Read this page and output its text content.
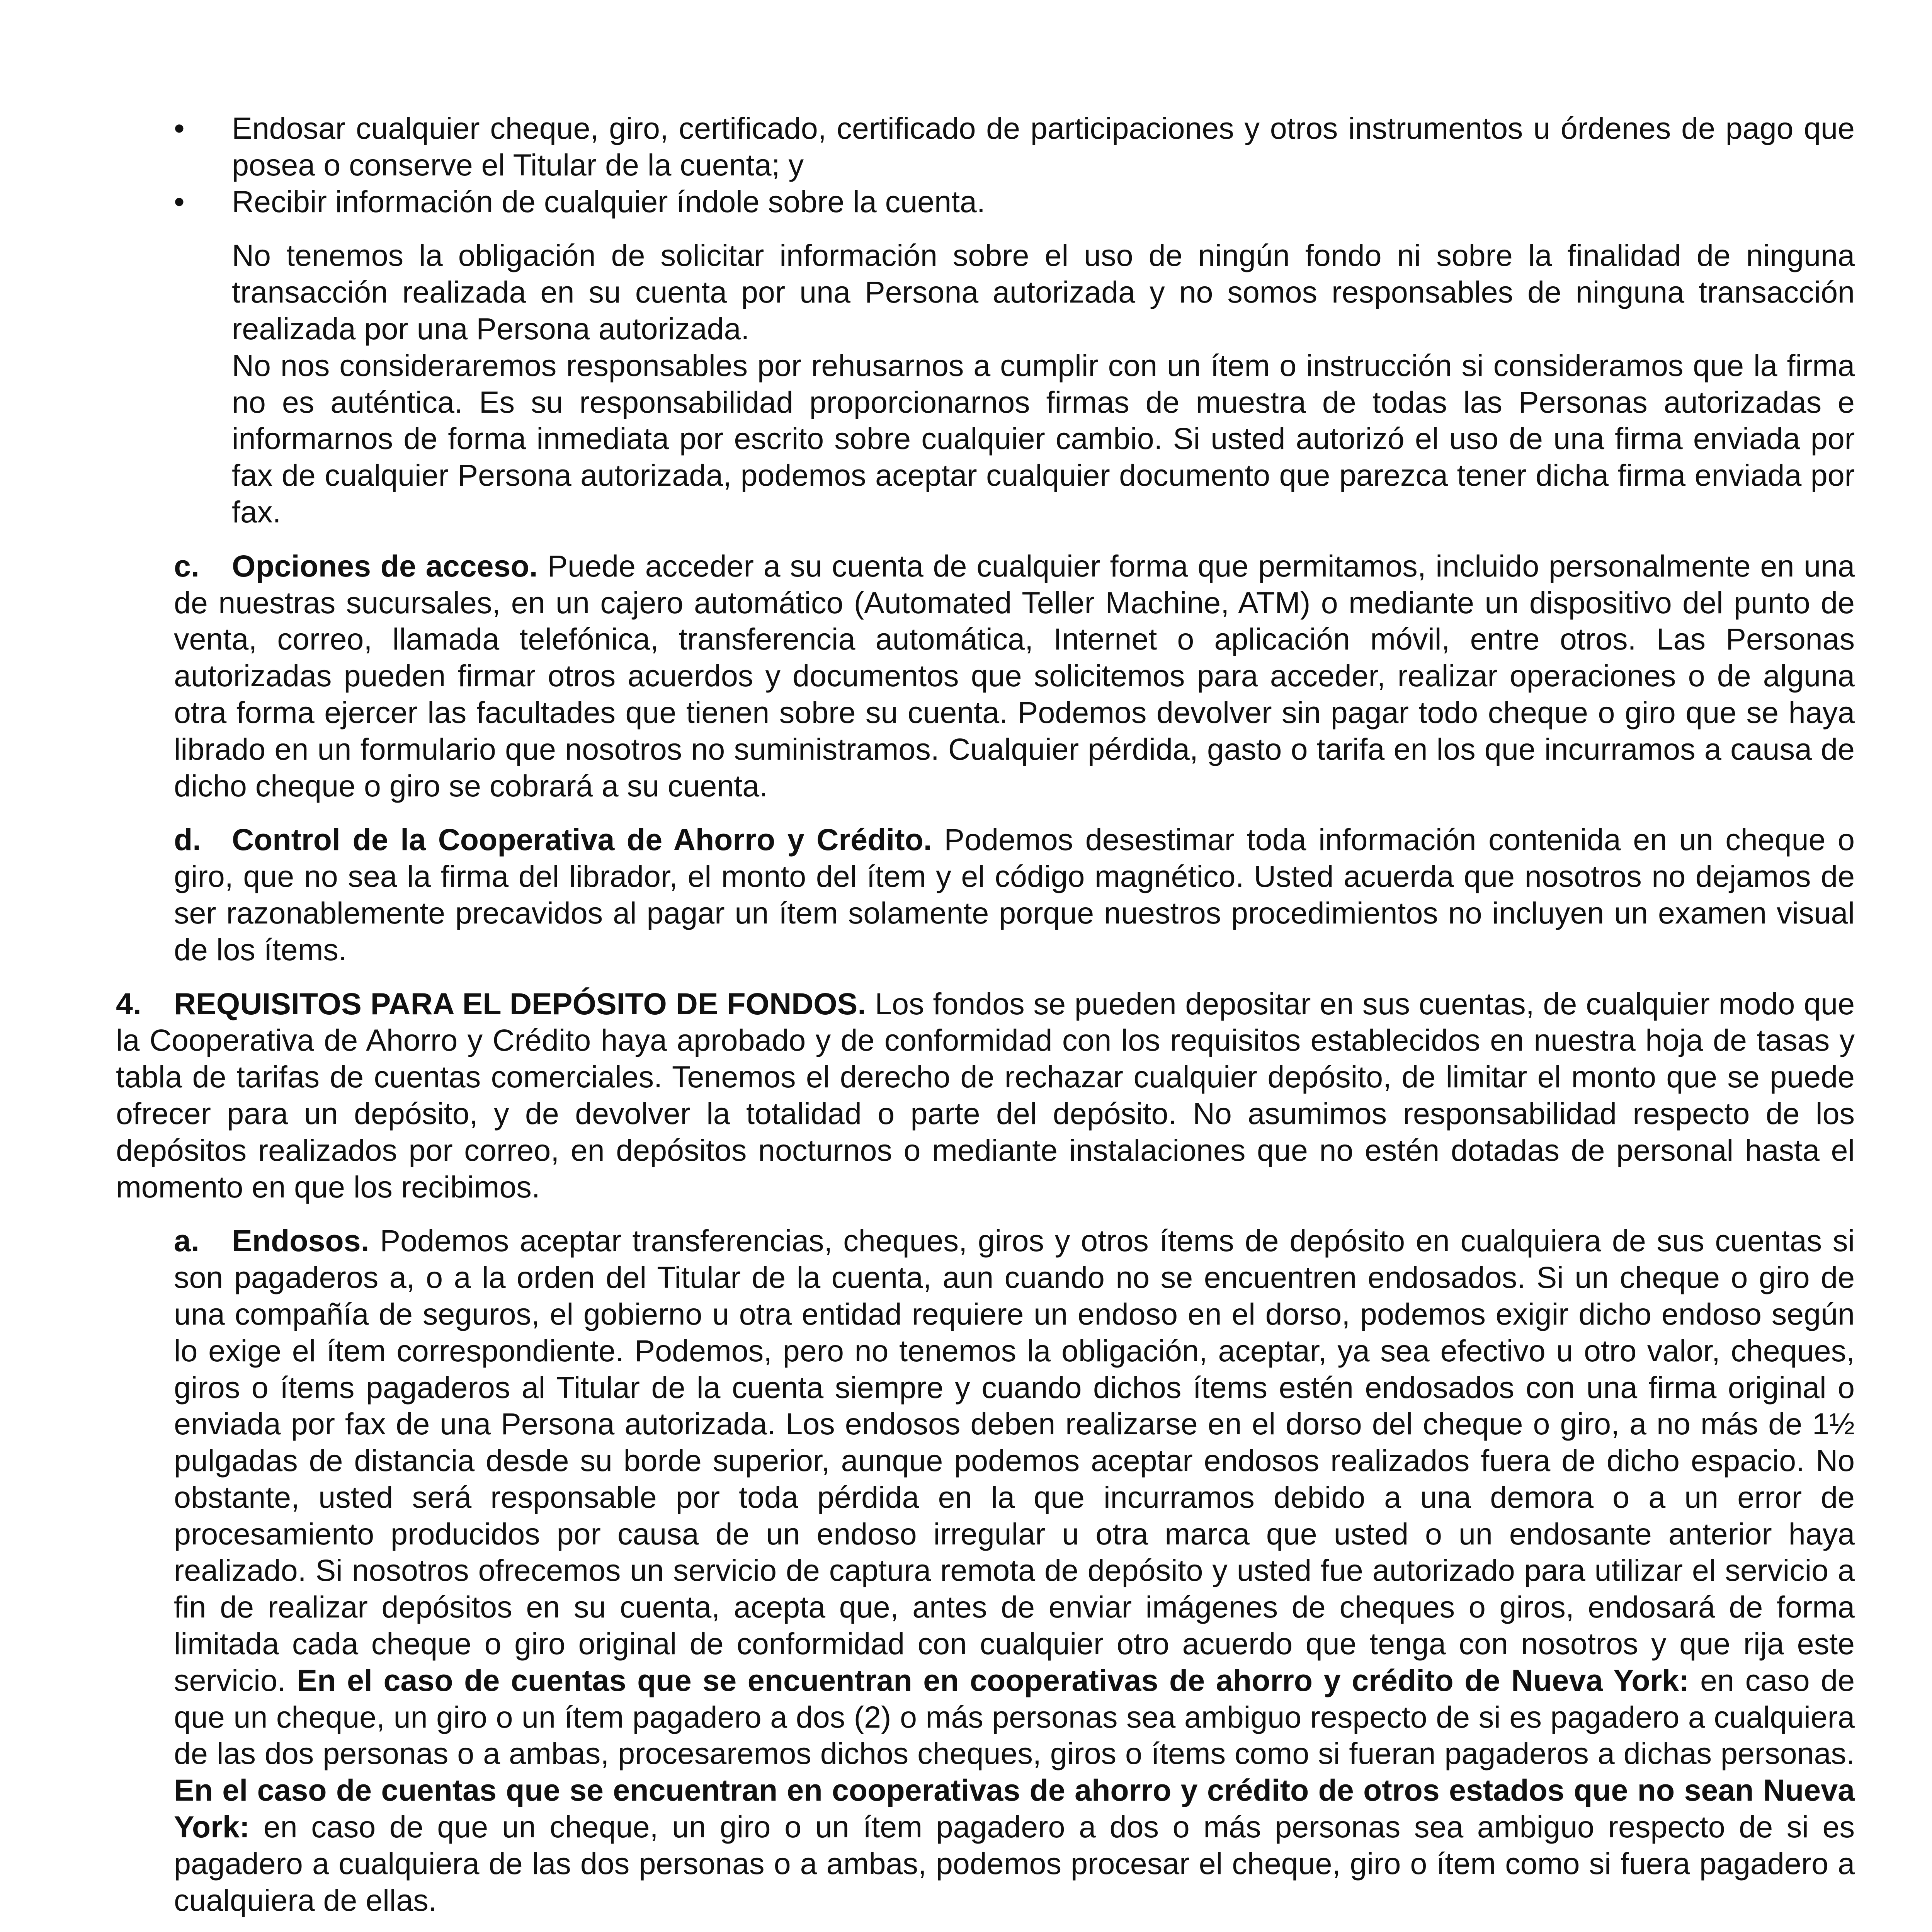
•	Endosar cualquier cheque, giro, certificado, certificado de participaciones y otros instrumentos u órdenes de pago que posea o conserve el Titular de la cuenta; y
•	Recibir información de cualquier índole sobre la cuenta.

No tenemos la obligación de solicitar información sobre el uso de ningún fondo ni sobre la finalidad de ninguna transacción realizada en su cuenta por una Persona autorizada y no somos responsables de ninguna transacción realizada por una Persona autorizada.

No nos consideraremos responsables por rehusarnos a cumplir con un ítem o instrucción si consideramos que la firma no es auténtica. Es su responsabilidad proporcionarnos firmas de muestra de todas las Personas autorizadas e informarnos de forma inmediata por escrito sobre cualquier cambio. Si usted autorizó el uso de una firma enviada por fax de cualquier Persona autorizada, podemos aceptar cualquier documento que parezca tener dicha firma enviada por fax.

c. Opciones de acceso. Puede acceder a su cuenta de cualquier forma que permitamos, incluido personalmente en una de nuestras sucursales, en un cajero automático (Automated Teller Machine, ATM) o mediante un dispositivo del punto de venta, correo, llamada telefónica, transferencia automática, Internet o aplicación móvil, entre otros. Las Personas autorizadas pueden firmar otros acuerdos y documentos que solicitemos para acceder, realizar operaciones o de alguna otra forma ejercer las facultades que tienen sobre su cuenta. Podemos devolver sin pagar todo cheque o giro que se haya librado en un formulario que nosotros no suministramos. Cualquier pérdida, gasto o tarifa en los que incurramos a causa de dicho cheque o giro se cobrará a su cuenta.

d. Control de la Cooperativa de Ahorro y Crédito. Podemos desestimar toda información contenida en un cheque o giro, que no sea la firma del librador, el monto del ítem y el código magnético. Usted acuerda que nosotros no dejamos de ser razonablemente precavidos al pagar un ítem solamente porque nuestros procedimientos no incluyen un examen visual de los ítems.

4. REQUISITOS PARA EL DEPÓSITO DE FONDOS. Los fondos se pueden depositar en sus cuentas, de cualquier modo que la Cooperativa de Ahorro y Crédito haya aprobado y de conformidad con los requisitos establecidos en nuestra hoja de tasas y tabla de tarifas de cuentas comerciales. Tenemos el derecho de rechazar cualquier depósito, de limitar el monto que se puede ofrecer para un depósito, y de devolver la totalidad o parte del depósito. No asumimos responsabilidad respecto de los depósitos realizados por correo, en depósitos nocturnos o mediante instalaciones que no estén dotadas de personal hasta el momento en que los recibimos.

a. Endosos. Podemos aceptar transferencias, cheques, giros y otros ítems de depósito en cualquiera de sus cuentas si son pagaderos a, o a la orden del Titular de la cuenta, aun cuando no se encuentren endosados. Si un cheque o giro de una compañía de seguros, el gobierno u otra entidad requiere un endoso en el dorso, podemos exigir dicho endoso según lo exige el ítem correspondiente. Podemos, pero no tenemos la obligación, aceptar, ya sea efectivo u otro valor, cheques, giros o ítems pagaderos al Titular de la cuenta siempre y cuando dichos ítems estén endosados con una firma original o enviada por fax de una Persona autorizada. Los endosos deben realizarse en el dorso del cheque o giro, a no más de 1½ pulgadas de distancia desde su borde superior, aunque podemos aceptar endosos realizados fuera de dicho espacio. No obstante, usted será responsable por toda pérdida en la que incurramos debido a una demora o a un error de procesamiento producidos por causa de un endoso irregular u otra marca que usted o un endosante anterior haya realizado. Si nosotros ofrecemos un servicio de captura remota de depósito y usted fue autorizado para utilizar el servicio a fin de realizar depósitos en su cuenta, acepta que, antes de enviar imágenes de cheques o giros, endosará de forma limitada cada cheque o giro original de conformidad con cualquier otro acuerdo que tenga con nosotros y que rija este servicio. En el caso de cuentas que se encuentran en cooperativas de ahorro y crédito de Nueva York: en caso de que un cheque, un giro o un ítem pagadero a dos (2) o más personas sea ambiguo respecto de si es pagadero a cualquiera de las dos personas o a ambas, procesaremos dichos cheques, giros o ítems como si fueran pagaderos a dichas personas. En el caso de cuentas que se encuentran en cooperativas de ahorro y crédito de otros estados que no sean Nueva York: en caso de que un cheque, un giro o un ítem pagadero a dos o más personas sea ambiguo respecto de si es pagadero a cualquiera de las dos personas o a ambas, podemos procesar el cheque, giro o ítem como si fuera pagadero a cualquiera de ellas.
